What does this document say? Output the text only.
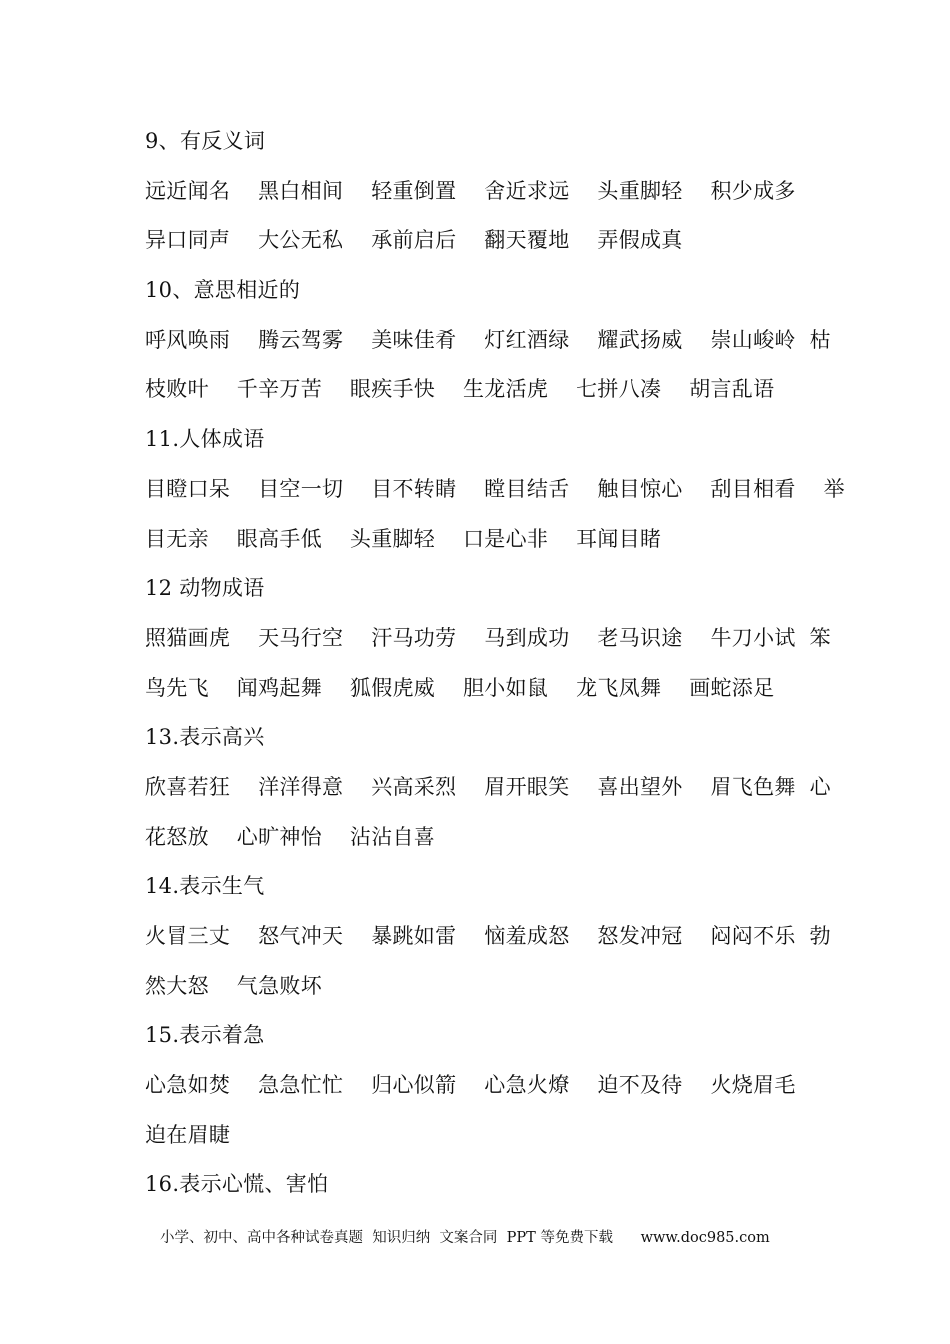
9、有反义词
远近闻名    黑白相间    轻重倒置    舍近求远    头重脚轻    积少成多
异口同声    大公无私    承前启后    翻天覆地    弄假成真
10、意思相近的
呼风唤雨    腾云驾雾    美味佳肴    灯红酒绿    耀武扬威    崇山峻岭  枯
枝败叶    千辛万苦    眼疾手快    生龙活虎    七拼八凑    胡言乱语
11.人体成语
目瞪口呆    目空一切    目不转睛    瞠目结舌    触目惊心    刮目相看    举
目无亲    眼高手低    头重脚轻    口是心非    耳闻目睹
12 动物成语
照猫画虎    天马行空    汗马功劳    马到成功    老马识途    牛刀小试  笨
鸟先飞    闻鸡起舞    狐假虎威    胆小如鼠    龙飞凤舞    画蛇添足
13.表示高兴
欣喜若狂    洋洋得意    兴高采烈    眉开眼笑    喜出望外    眉飞色舞  心
花怒放    心旷神怡    沾沾自喜
14.表示生气
火冒三丈    怒气冲天    暴跳如雷    恼羞成怒    怒发冲冠    闷闷不乐  勃
然大怒    气急败坏
15.表示着急
心急如焚    急急忙忙    归心似箭    心急火燎    迫不及待    火烧眉毛
迫在眉睫
16.表示心慌、害怕
小学、初中、高中各种试卷真题  知识归纳  文案合同  PPT 等免费下载      www.doc985.com
